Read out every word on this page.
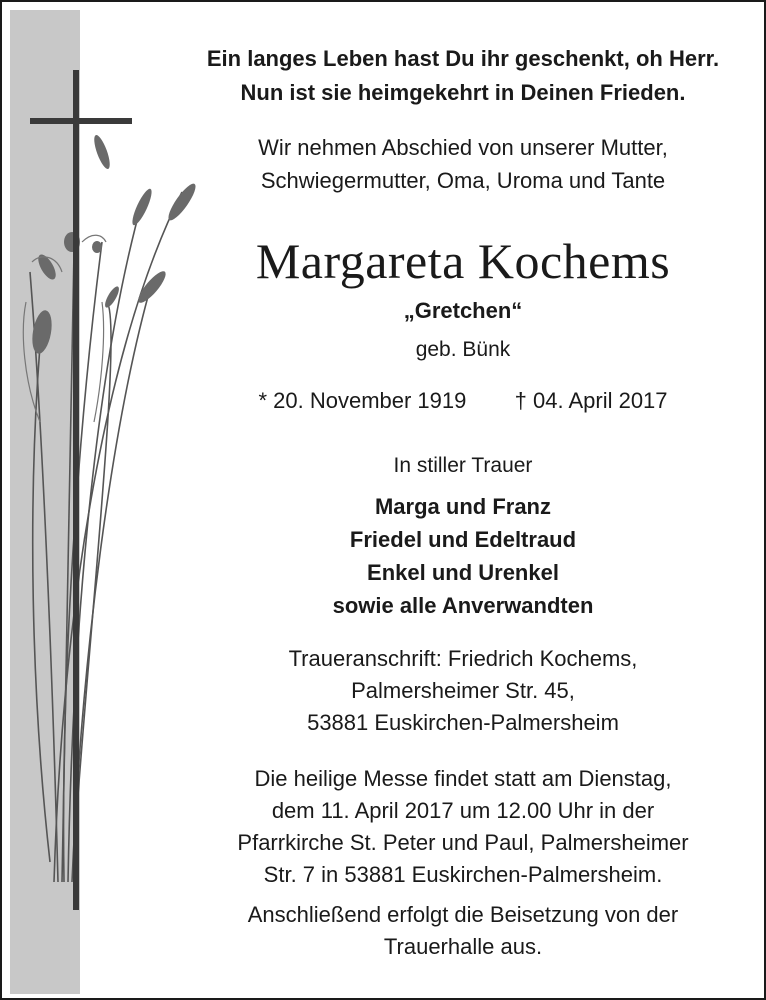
Ein langes Leben hast Du ihr geschenkt, oh Herr.
Nun ist sie heimgekehrt in Deinen Frieden.
Wir nehmen Abschied von unserer Mutter,
Schwiegermutter, Oma, Uroma und Tante
Margareta Kochems
„Gretchen“
geb. Bünk
* 20. November 1919 † 04. April 2017
In stiller Trauer
Marga und Franz
Friedel und Edeltraud
Enkel und Urenkel
sowie alle Anverwandten
Traueranschrift: Friedrich Kochems,
Palmersheimer Str. 45,
53881 Euskirchen-Palmersheim
Die heilige Messe findet statt am Dienstag,
dem 11. April 2017 um 12.00 Uhr in der
Pfarrkirche St. Peter und Paul, Palmersheimer
Str. 7 in 53881 Euskirchen-Palmersheim.
Anschließend erfolgt die Beisetzung von der
Trauerhalle aus.
